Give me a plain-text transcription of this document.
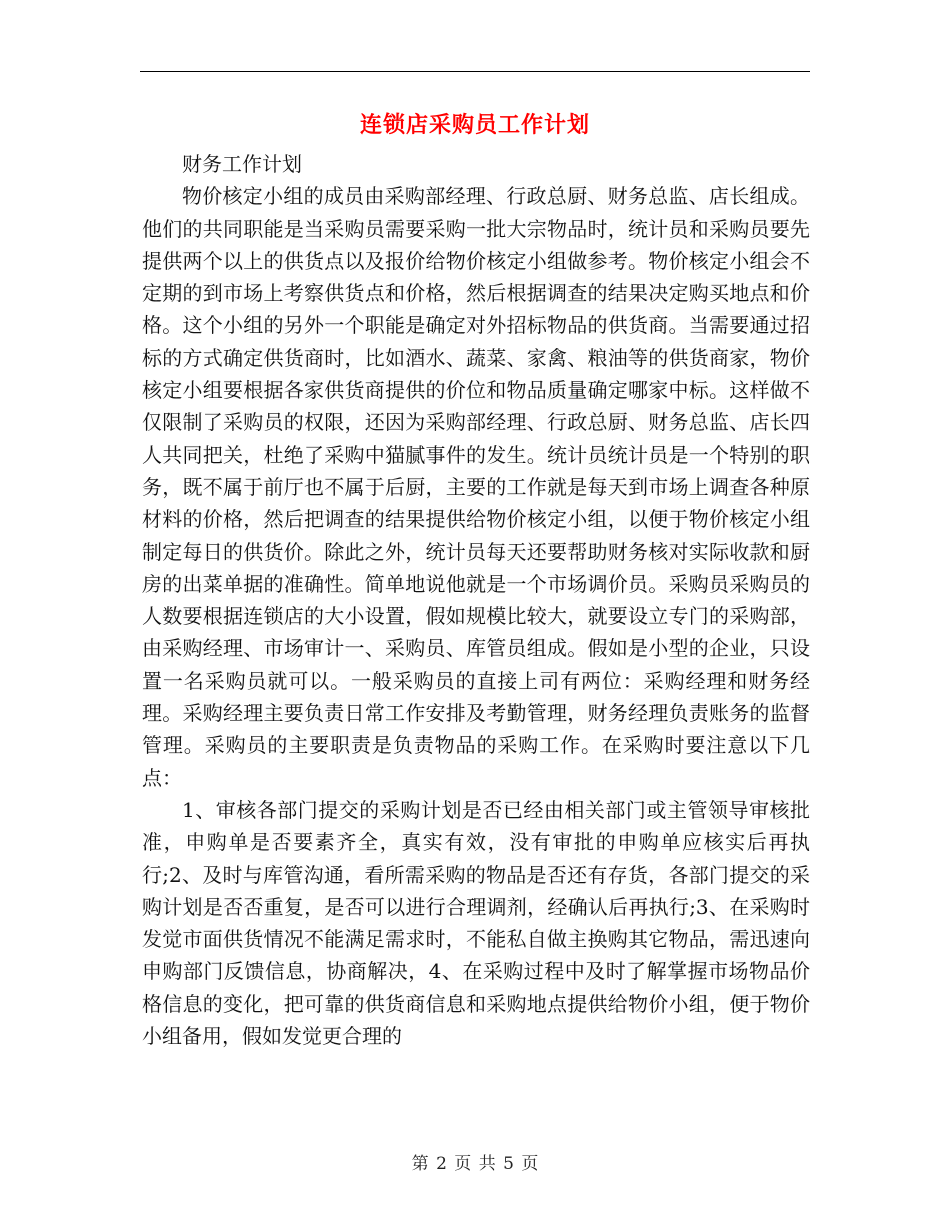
连锁店采购员工作计划

财务工作计划

物价核定小组的成员由采购部经理、行政总厨、财务总监、店长组成。他们的共同职能是当采购员需要采购一批大宗物品时，统计员和采购员要先提供两个以上的供货点以及报价给物价核定小组做参考。物价核定小组会不定期的到市场上考察供货点和价格，然后根据调查的结果决定购买地点和价格。这个小组的另外一个职能是确定对外招标物品的供货商。当需要通过招标的方式确定供货商时，比如酒水、蔬菜、家禽、粮油等的供货商家，物价核定小组要根据各家供货商提供的价位和物品质量确定哪家中标。这样做不仅限制了采购员的权限，还因为采购部经理、行政总厨、财务总监、店长四人共同把关，杜绝了采购中猫腻事件的发生。统计员统计员是一个特别的职务，既不属于前厅也不属于后厨，主要的工作就是每天到市场上调查各种原材料的价格，然后把调查的结果提供给物价核定小组，以便于物价核定小组制定每日的供货价。除此之外，统计员每天还要帮助财务核对实际收款和厨房的出菜单据的准确性。简单地说他就是一个市场调价员。采购员采购员的人数要根据连锁店的大小设置，假如规模比较大，就要设立专门的采购部，由采购经理、市场审计一、采购员、库管员组成。假如是小型的企业，只设置一名采购员就可以。一般采购员的直接上司有两位：采购经理和财务经理。采购经理主要负责日常工作安排及考勤管理，财务经理负责账务的监督管理。采购员的主要职责是负责物品的采购工作。在采购时要注意以下几点：

1、审核各部门提交的采购计划是否已经由相关部门或主管领导审核批准，申购单是否要素齐全，真实有效，没有审批的申购单应核实后再执行;2、及时与库管沟通，看所需采购的物品是否还有存货，各部门提交的采购计划是否否重复，是否可以进行合理调剂，经确认后再执行;3、在采购时发觉市面供货情况不能满足需求时，不能私自做主换购其它物品，需迅速向申购部门反馈信息，协商解决，4、在采购过程中及时了解掌握市场物品价格信息的变化，把可靠的供货商信息和采购地点提供给物价小组，便于物价小组备用，假如发觉更合理的

第 2 页 共 5 页
